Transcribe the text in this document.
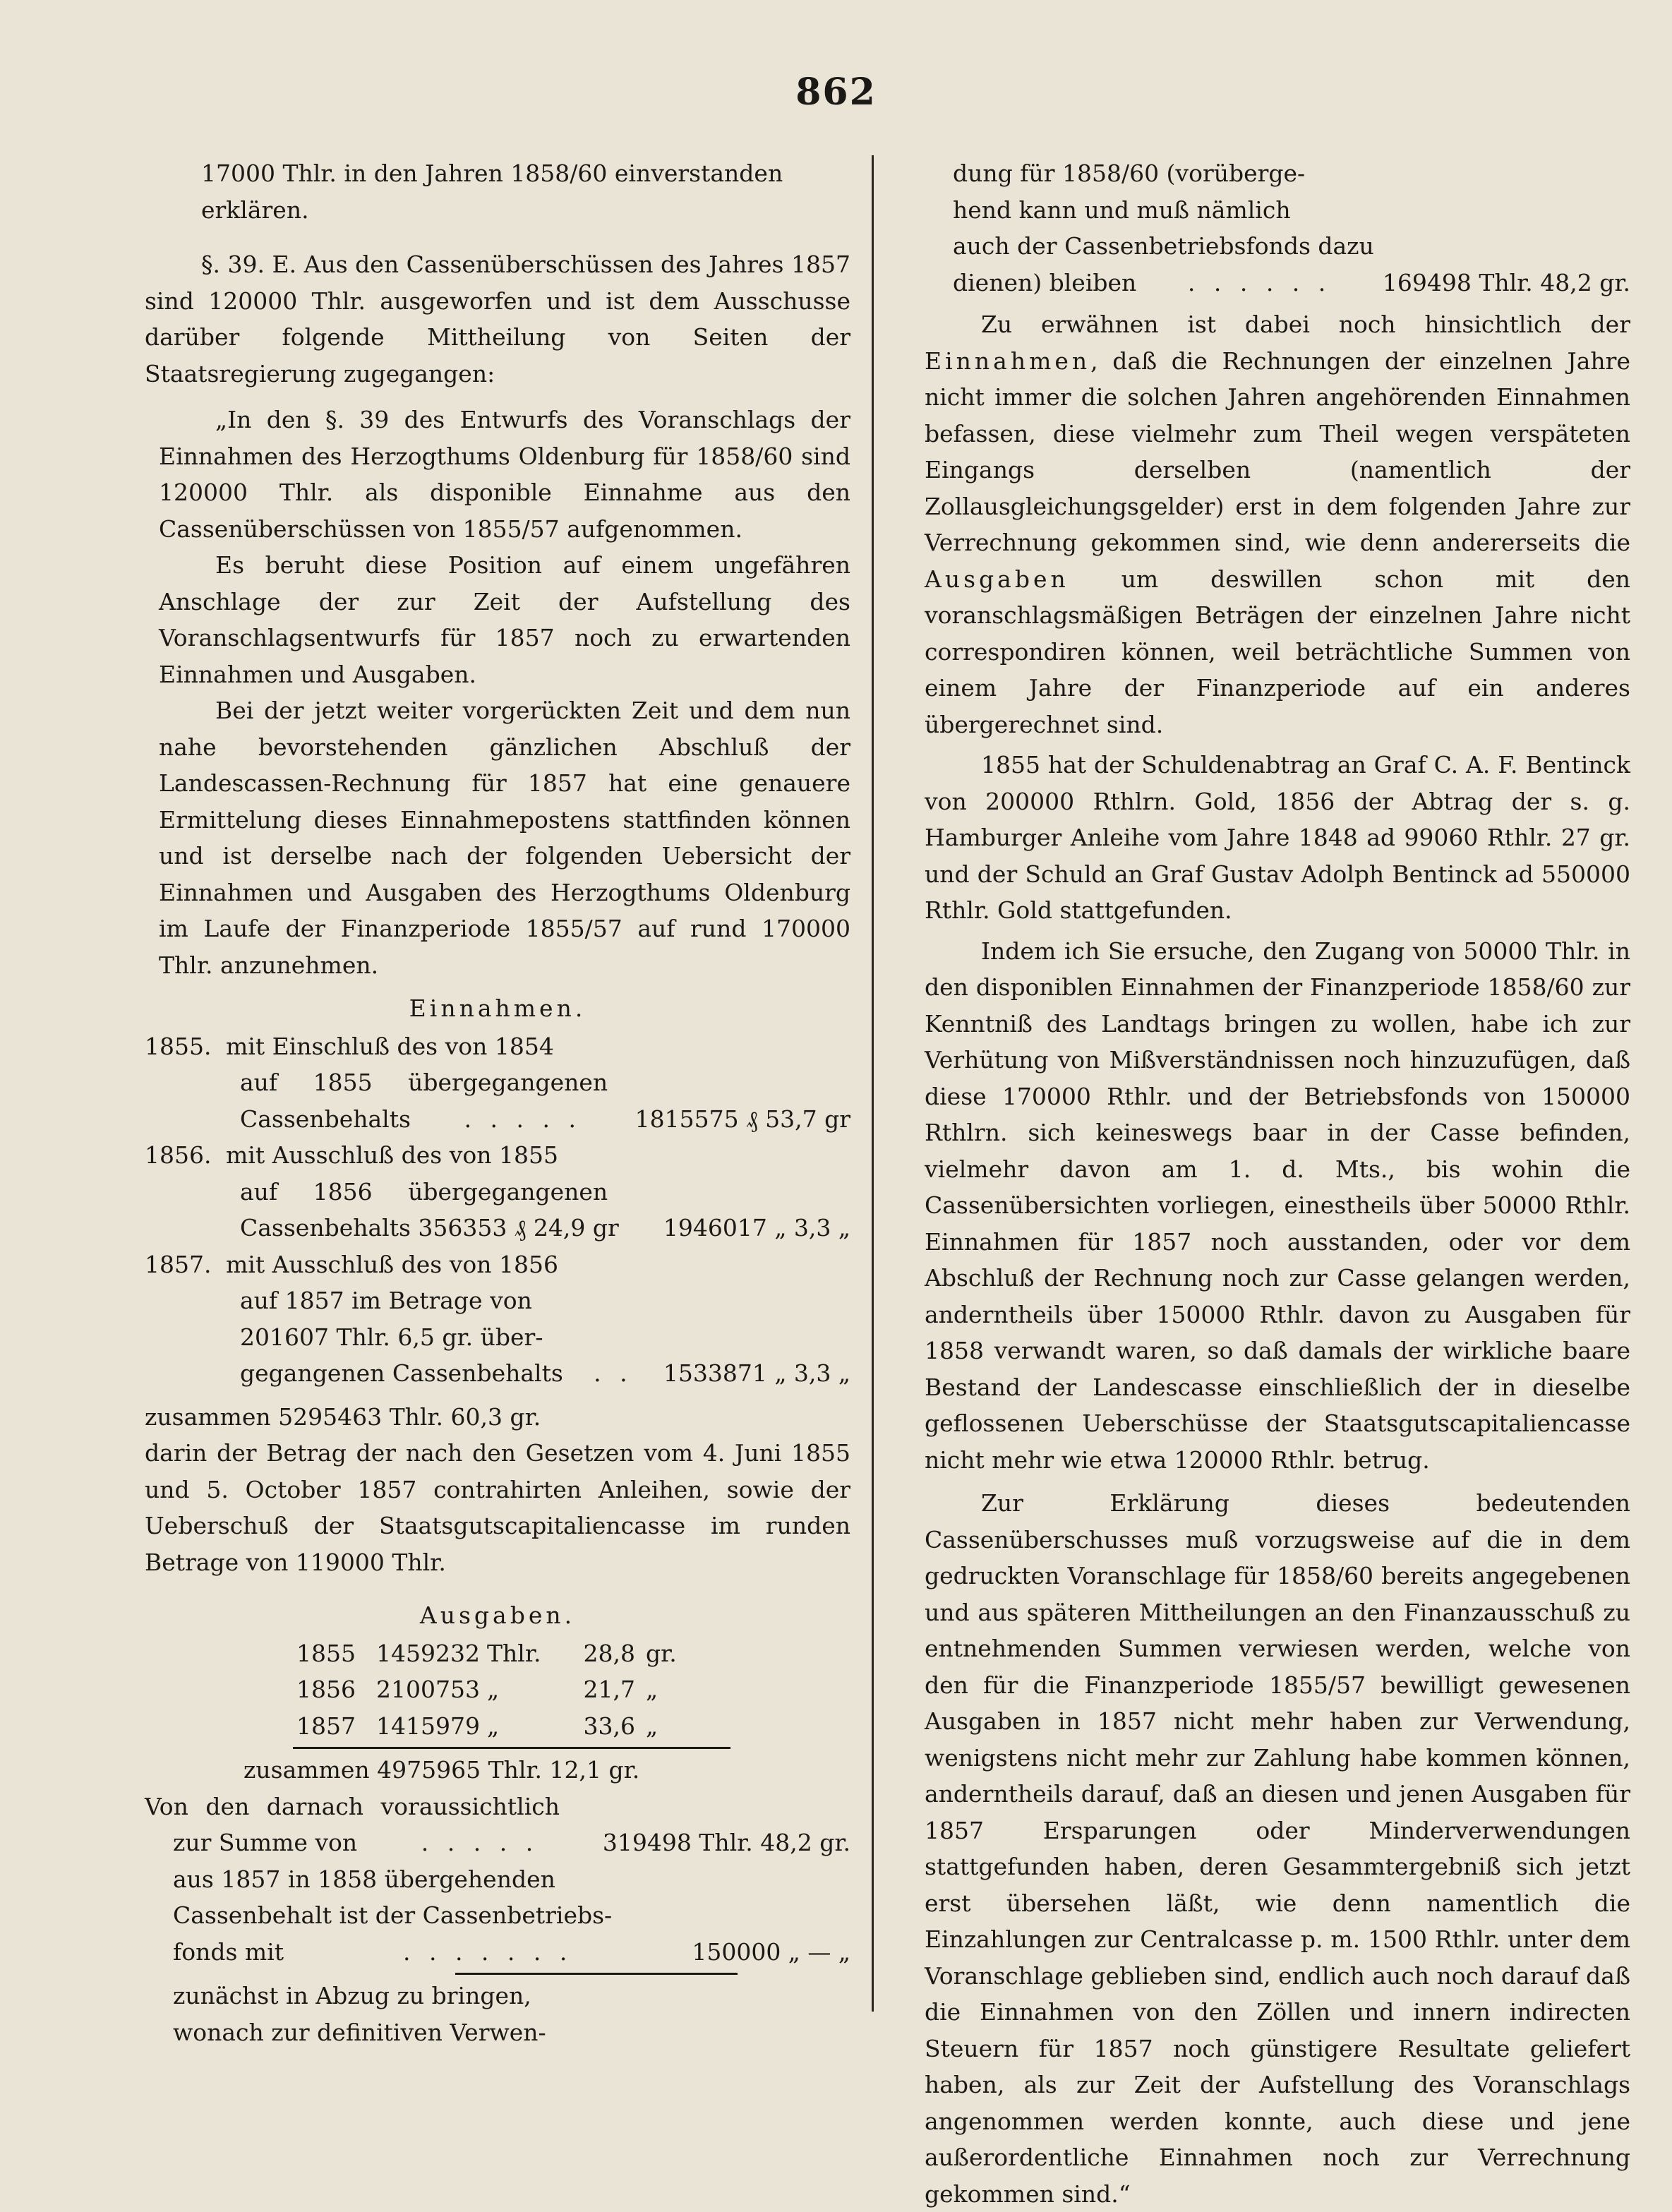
862

17000 Thlr. in den Jahren 1858/60 einverstanden
erklären.

§. 39. E. Aus den Cassenüberschüssen des Jahres 1857 sind 120000 Thlr. ausgeworfen und ist dem Ausschusse darüber folgende Mittheilung von Seiten der Staatsregierung zugegangen:

„In den §. 39 des Entwurfs des Voranschlags der Einnahmen des Herzogthums Oldenburg für 1858/60 sind 120000 Thlr. als disponible Einnahme aus den Cassenüberschüssen von 1855/57 aufgenommen.

Es beruht diese Position auf einem ungefähren Anschlage der zur Zeit der Aufstellung des Voranschlagsentwurfs für 1857 noch zu erwartenden Einnahmen und Ausgaben.

Bei der jetzt weiter vorgerückten Zeit und dem nun nahe bevorstehenden gänzlichen Abschluß der Landescassen-Rechnung für 1857 hat eine genauere Ermittelung dieses Einnahmepostens stattfinden können und ist derselbe nach der folgenden Uebersicht der Einnahmen und Ausgaben des Herzogthums Oldenburg im Laufe der Finanzperiode 1855/57 auf rund 170000 Thlr. anzunehmen.

Einnahmen.

1855. mit Einschluß des von 1854
auf 1855 übergegangenen
Cassenbehalts . . . . . 1815575 ₰ 53,7 gr
1856. mit Ausschluß des von 1855
auf 1856 übergegangenen
Cassenbehalts 356353 ₰ 24,9 gr 1946017 „ 3,3 „
1857. mit Ausschluß des von 1856
auf 1857 im Betrage von
201607 Thlr. 6,5 gr. über-
gegangenen Cassenbehalts . . 1533871 „ 3,3 „

zusammen 5295463 Thlr. 60,3 gr.

darin der Betrag der nach den Gesetzen vom 4. Juni 1855 und 5. October 1857 contrahirten Anleihen, sowie der Ueberschuß der Staatsgutscapitaliencasse im runden Betrage von 119000 Thlr.

Ausgaben.

1855 1459232 Thlr.	28,8 gr.
1856 2100753 „	21,7 „
1857 1415979 „	33,6 „

zusammen 4975965 Thlr. 12,1 gr.

Von den darnach voraussichtlich

zur Summe von	. . . . .	319498 Thlr. 48,2 gr.

aus 1857 in 1858 übergehenden

Cassenbehalt ist der Cassenbetriebs-

fonds mit	. . . . . . .	150000 „ — „

zunächst in Abzug zu bringen,

wonach zur definitiven Verwen-

dung für 1858/60 (vorüberge-

hend kann und muß nämlich

auch der Cassenbetriebsfonds dazu

dienen) bleiben . . . . . . 169498 Thlr. 48,2 gr.

Zu erwähnen ist dabei noch hinsichtlich der Einnahmen, daß die Rechnungen der einzelnen Jahre nicht immer die solchen Jahren angehörenden Einnahmen befassen, diese vielmehr zum Theil wegen verspäteten Eingangs derselben (namentlich der Zollausgleichungsgelder) erst in dem folgenden Jahre zur Verrechnung gekommen sind, wie denn andererseits die Ausgaben um deswillen schon mit den voranschlagsmäßigen Beträgen der einzelnen Jahre nicht correspondiren können, weil beträchtliche Summen von einem Jahre der Finanzperiode auf ein anderes übergerechnet sind.

1855 hat der Schuldenabtrag an Graf C. A. F. Bentinck von 200000 Rthlrn. Gold, 1856 der Abtrag der s. g. Hamburger Anleihe vom Jahre 1848 ad 99060 Rthlr. 27 gr. und der Schuld an Graf Gustav Adolph Bentinck ad 550000 Rthlr. Gold stattgefunden.

Indem ich Sie ersuche, den Zugang von 50000 Thlr. in den disponiblen Einnahmen der Finanzperiode 1858/60 zur Kenntniß des Landtags bringen zu wollen, habe ich zur Verhütung von Mißverständnissen noch hinzuzufügen, daß diese 170000 Rthlr. und der Betriebsfonds von 150000 Rthlrn. sich keineswegs baar in der Casse befinden, vielmehr davon am 1. d. Mts., bis wohin die Cassenübersichten vorliegen, einestheils über 50000 Rthlr. Einnahmen für 1857 noch ausstanden, oder vor dem Abschluß der Rechnung noch zur Casse gelangen werden, anderntheils über 150000 Rthlr. davon zu Ausgaben für 1858 verwandt waren, so daß damals der wirkliche baare Bestand der Landescasse einschließlich der in dieselbe geflossenen Ueberschüsse der Staatsgutscapitaliencasse nicht mehr wie etwa 120000 Rthlr. betrug.

Zur Erklärung dieses bedeutenden Cassenüberschusses muß vorzugsweise auf die in dem gedruckten Voranschlage für 1858/60 bereits angegebenen und aus späteren Mittheilungen an den Finanzausschuß zu entnehmenden Summen verwiesen werden, welche von den für die Finanzperiode 1855/57 bewilligt gewesenen Ausgaben in 1857 nicht mehr haben zur Verwendung, wenigstens nicht mehr zur Zahlung habe kommen können, anderntheils darauf, daß an diesen und jenen Ausgaben für 1857 Ersparungen oder Minderverwendungen stattgefunden haben, deren Gesammtergebniß sich jetzt erst übersehen läßt, wie denn namentlich die Einzahlungen zur Centralcasse p. m. 1500 Rthlr. unter dem Voranschlage geblieben sind, endlich auch noch darauf daß die Einnahmen von den Zöllen und innern indirecten Steuern für 1857 noch günstigere Resultate geliefert haben, als zur Zeit der Aufstellung des Voranschlags angenommen werden konnte, auch diese und jene außerordentliche Einnahmen noch zur Verrechnung gekommen sind.“
